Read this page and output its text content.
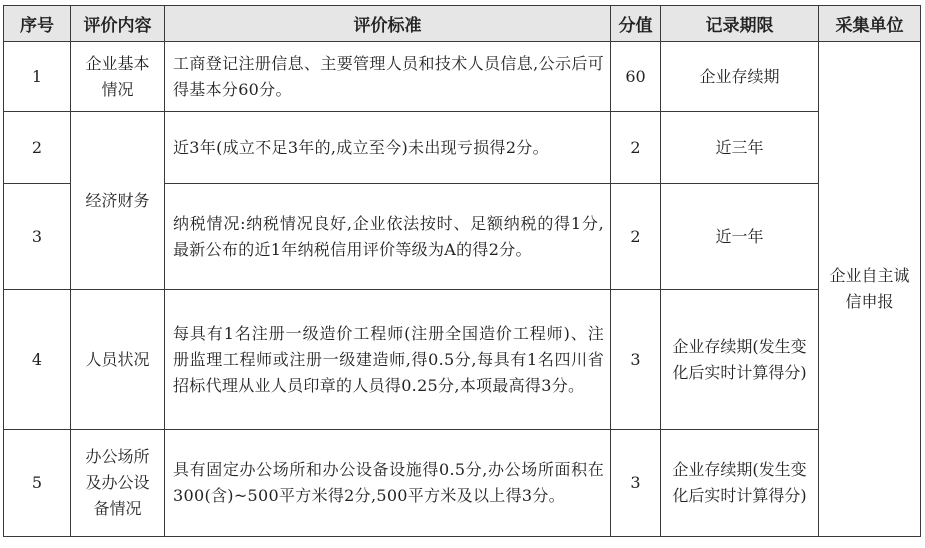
序号	评价内容	评价标准	分值	记录期限	采集单位
1	企业基本情况	工商登记注册信息、主要管理人员和技术人员信息,公示后可得基本分60分。	60	企业存续期	企业自主诚信申报

2	经济财务	近3年(成立不足3年的,成立至今)未出现亏损得2分。	2	近三年	
3		纳税情况:纳税情况良好,企业依法按时、足额纳税的得1分,最新公布的近1年纳税信用评价等级为A的得2分。	2	近一年	
4	人员状况	每具有1名注册一级造价工程师(注册全国造价工程师)、注册监理工程师或注册一级建造师,得0.5分,每具有1名四川省招标代理从业人员印章的人员得0.25分,本项最高得3分。	3	企业存续期(发生变化后实时计算得分)	

5	办公场所及办公设备情况	具有固定办公场所和办公设备设施得0.5分,办公场所面积在300(含)~500平方米得2分,500平方米及以上得3分。	3	企业存续期(发生变化后实时计算得分)	
